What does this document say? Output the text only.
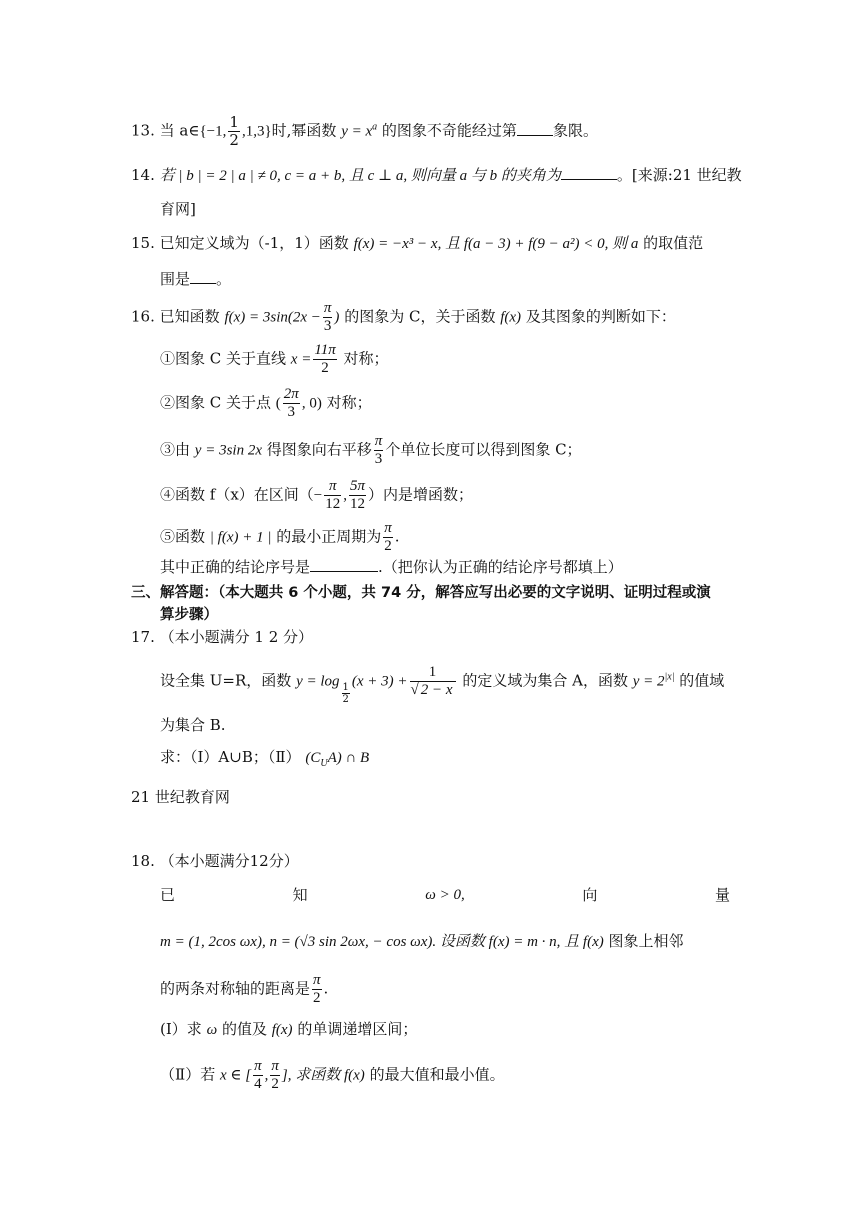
13. 当 a∈{−1, $\frac{1}{2} ,1,3$}时,幂函数 $y = x^a$ 的图象不奇能经过第 象限。
14. 若 | b | = 2 | a | ≠ 0, c = a + b, 且 c ⊥ a, 则向量 a 与 b 的夹角为	。[来源:21 世纪教
育网]
15. 已知定义域为（-1，1）函数 f(x) = −x³ − x, 且 f(a − 3) + f(9 − a²) < 0, 则 a 的取值范
围是 。
16. 已知函数 $f(x) = 3\sin(2x - \frac{\pi}{3}$ ) 的图象为 C，关于函数 f(x) 及其图象的判断如下：
①图象 C 关于直线 $x = \frac{11\pi}{2}$ 对称；
②图象 C 关于点 ( $\frac{2\pi}{3}$ , 0) 对称；
③由 y = 3sin 2x 得图象向右平移 $\frac{\pi}{3}$ 个单位长度可以得到图象 C；
④函数 f（x）在区间（− $\frac{\pi}{12}$ , $\frac{5\pi}{12}$ ）内是增函数；
⑤函数 | f(x) + 1 | 的最小正周期为 $\frac{\pi}{2}$ .
其中正确的结论序号是	.（把你认为正确的结论序号都填上）
三、解答题：（本大题共 6 个小题，共 74 分，解答应写出必要的文字说明、证明过程或演
算步骤）
17. （本小题满分 1 2 分）
设全集 U=R，函数 $y = \log \frac{1}{2} (x + 3) + \frac{1}{√ 2 - x}$ 的定义域为集合 A，函数 $y = 2^{|x|}$ 的值域
为集合 B.
求：（I）A∪B；（Ⅱ） $(C_UA)$ ∩ B
21 世纪教育网
18. （本小题满分12分）
已	知	ω > 0,	向	量
m = (1, 2cos ωx), n = (√3 sin 2ωx, − cos ωx). 设函数 f(x) = m · n, 且 f(x) 图象上相邻
的两条对称轴的距离是 $\frac{\pi}{2}$ .
(I）求 ω 的值及 f(x) 的单调递增区间；
（Ⅱ）若 x ∈ [ $\frac{\pi}{4}$ , $\frac{\pi}{2}$ ], 求函数 f(x) 的最大值和最小值。
